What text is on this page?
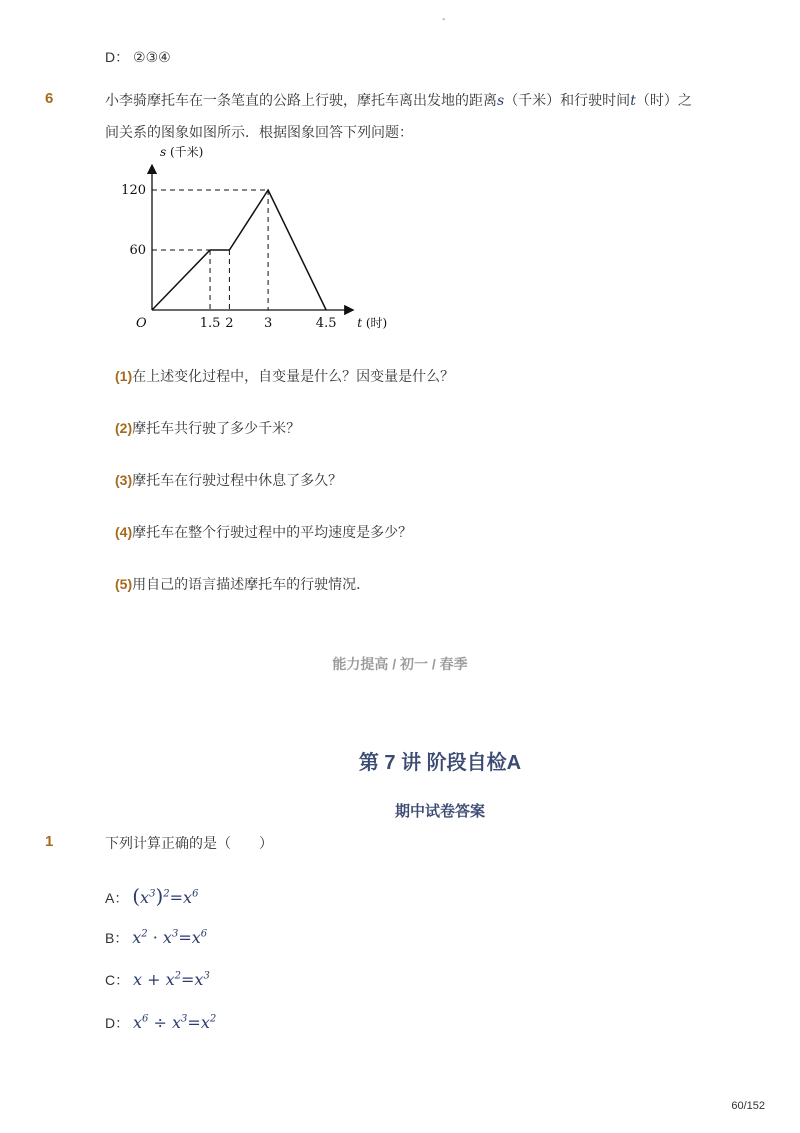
-
D： ②③④
6	小李骑摩托车在一条笔直的公路上行驶，摩托车离出发地的距离s（千米）和行驶时间t（时）之
间关系的图象如图所示．根据图象回答下列问题：
1.5 2 3	4.5
60
120
O
s (千米)
t (时)
(1)在上述变化过程中，自变量是什么？因变量是什么？
(2)摩托车共行驶了多少千米？
(3)摩托车在行驶过程中休息了多久？
(4)摩托车在整个行驶过程中的平均速度是多少？
(5)用自己的语言描述摩托车的行驶情况．
能力提高 / 初一 / 春季
第 7 讲 阶段自检A
期中试卷答案
1	下列计算正确的是（　　）
A： $(x^3)^2=x^6$
B： $x^2 \cdot x^3=x^6$
C： $x + x^2=x^3$
D： $x^6 \div x^3=x^2$
60/152
